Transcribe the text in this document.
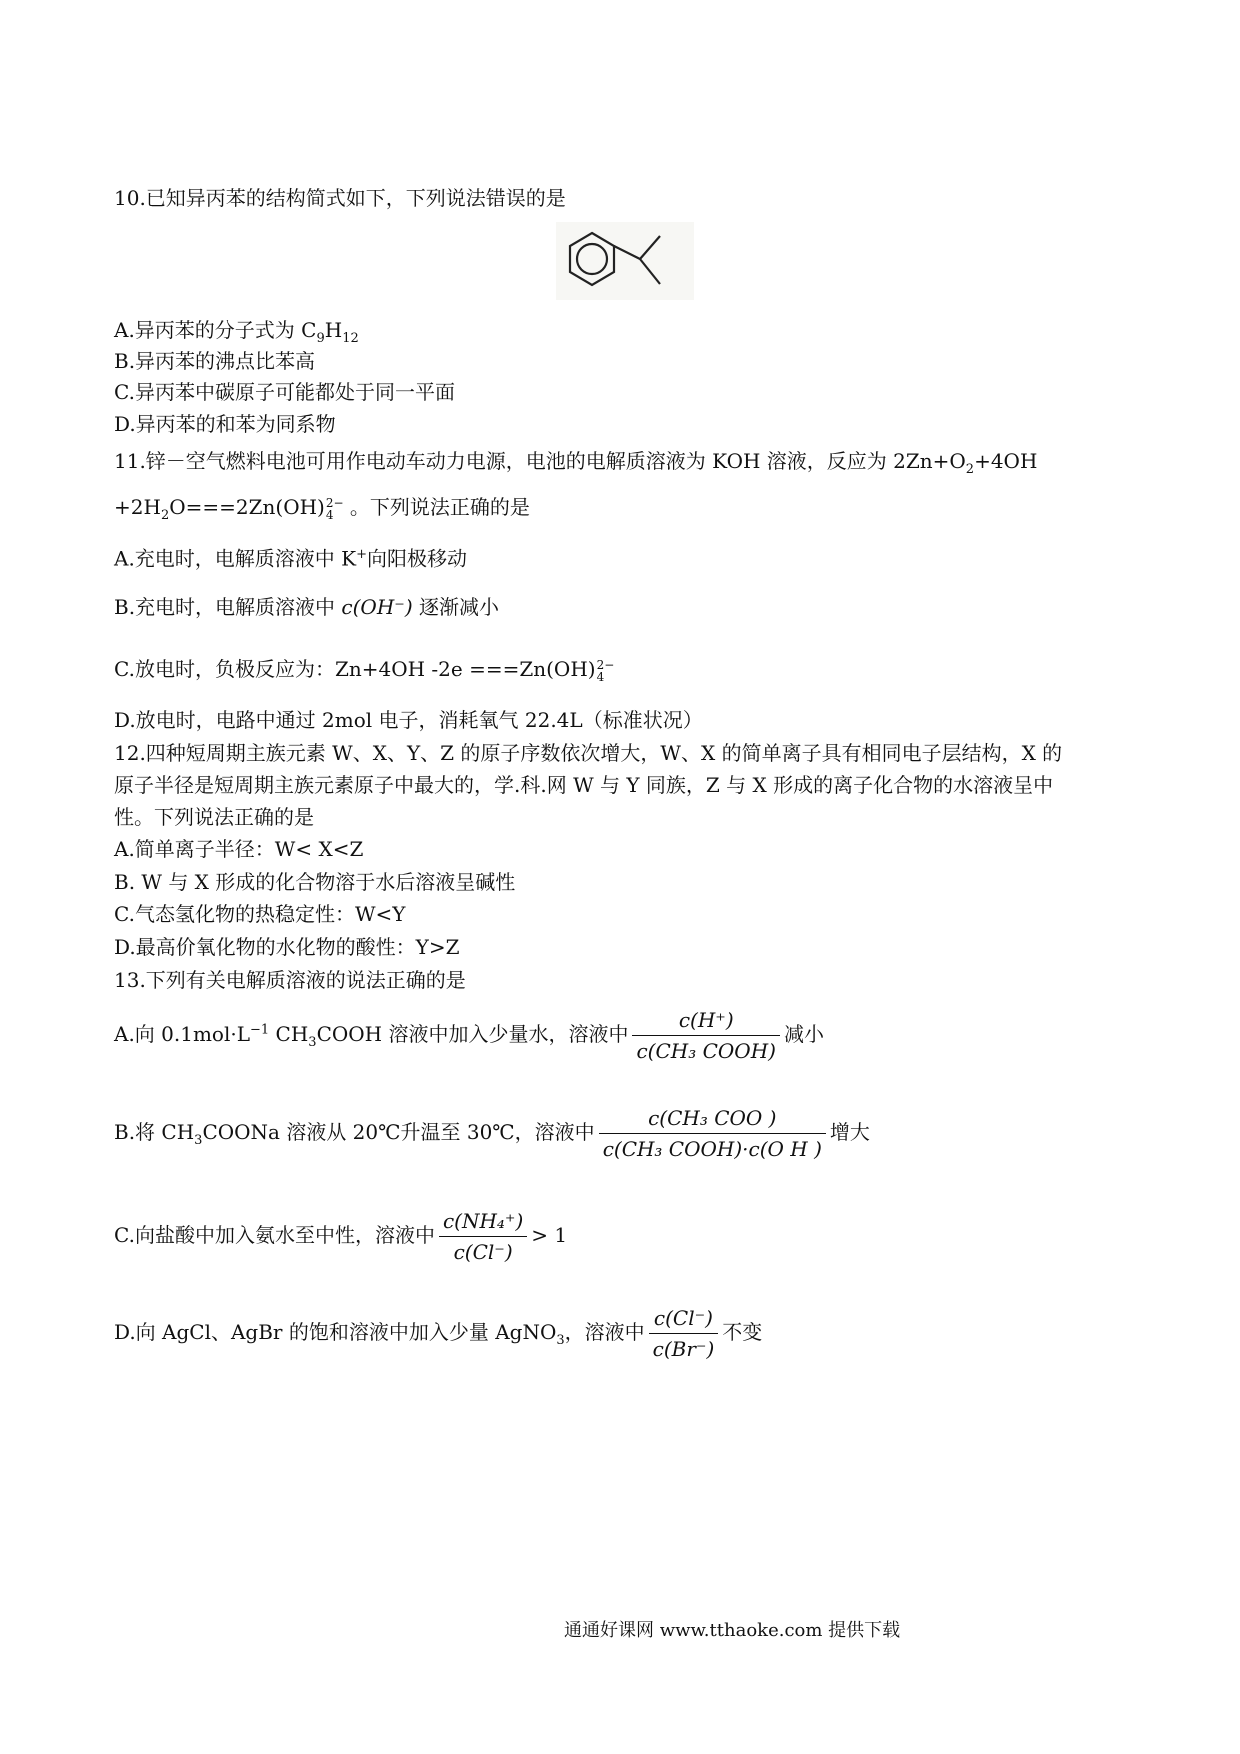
10.已知异丙苯的结构简式如下，下列说法错误的是
A.异丙苯的分子式为 $C_9H_{12}$
B.异丙苯的沸点比苯高
C.异丙苯中碳原子可能都处于同一平面
D.异丙苯的和苯为同系物
11.锌－空气燃料电池可用作电动车动力电源，电池的电解质溶液为 KOH 溶液，反应为 $2Zn+O_2+4OH$
$+2H_2O===2Zn(OH)$ 2−
4 。下列说法正确的是
A.充电时，电解质溶液中 K+向阳极移动
B.充电时，电解质溶液中 c(OH⁻) 逐渐减小
C.放电时，负极反应为：Zn+4OH -2e ===Zn(OH) 2−
4
D.放电时，电路中通过 2mol 电子，消耗氧气 22.4L（标准状况）
12.四种短周期主族元素 W、X、Y、Z 的原子序数依次增大，W、X 的简单离子具有相同电子层结构，X 的
原子半径是短周期主族元素原子中最大的，学.科.网 W 与 Y 同族，Z 与 X 形成的离子化合物的水溶液呈中
性。下列说法正确的是
A.简单离子半径：W< X<Z
B. W 与 X 形成的化合物溶于水后溶液呈碱性
C.气态氢化物的热稳定性：W<Y
D.最高价氧化物的水化物的酸性：Y>Z
13.下列有关电解质溶液的说法正确的是
A.向 $0.1mol\cdot L^{-1}$ $CH_3COOH$ 溶液中加入少量水，溶液中 $\frac{c(H^+)}{\text{c(CH₃ COOH)}}$ 减小
B.将 $CH_3COONa$ 溶液从 20℃升温至 30℃，溶液中 $\frac{\text{c(CH₃ COO )}}{\text{c(CH₃ COOH)·c(O H )}}$ 增大
C.向盐酸中加入氨水至中性，溶液中 $\frac{\text{c(NH₄⁺)}}{c(Cl^-)} > 1$
D.向 AgCl、AgBr 的饱和溶液中加入少量 AgNO$_3$，溶液中 $\frac{c(Cl^-)}{c(Br^-)}$ 不变
通通好课网 www.tthaoke.com 提供下载
